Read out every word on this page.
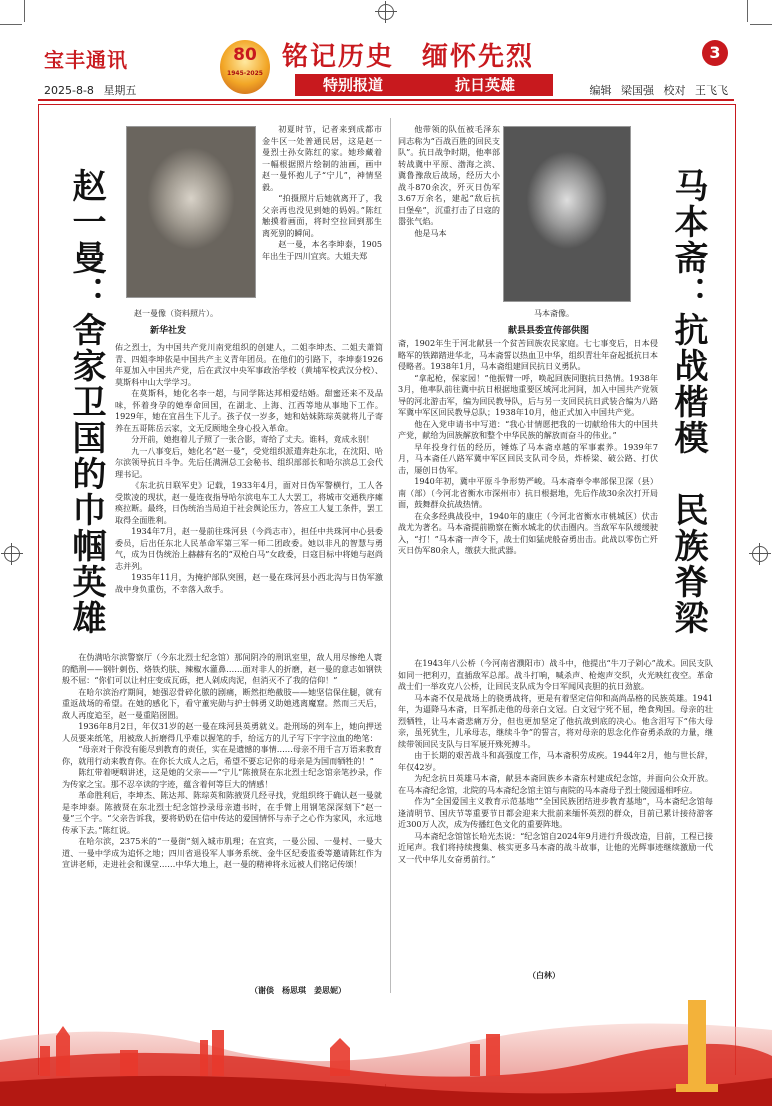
宝丰通讯
2025-8-8 星期五
80
1945-2025
铭记历史　缅怀先烈
特别报道	抗日英雄
3
编辑 梁国强 校对 王飞飞
赵一曼：舍家卫国的巾帼英雄	赵一曼像（资料照片）。
新华社发

初夏时节，记者来到成都市金牛区一处普通民居，这是赵一曼烈士孙女陈红的家。她珍藏着一幅根据照片绘制的油画，画中赵一曼怀抱儿子“宁儿”，神情坚毅。

“拍摄照片后她就离开了，我父亲再也没见到她的妈妈。”陈红触摸着画面，将时空拉回到那生离死别的瞬间。

赵一曼，本名李坤泰，1905年出生于四川宜宾。大姐夫郑

佑之烈士，为中国共产党川南党组织的创建人，二姐李坤杰、二姐夫萧简青、四姐李坤依是中国共产主义青年团员。在他们的引路下，李坤泰1926年夏加入中国共产党，后在武汉中央军事政治学校（黄埔军校武汉分校）、莫斯科中山大学学习。

在莫斯科，她化名李一超，与同学陈达邦相爱结婚。甜蜜还来不及品味，怀着身孕的她奉命回国，在湖北、上海、江西等地从事地下工作。1929年，她在宜昌生下儿子。孩子仅一岁多，她和姑妹陈琮英就将儿子寄养在五哥陈岳云家，文无反顾地全身心投入革命。

分开前，她抱着儿子照了一张合影，寄给了丈夫。谁料，竟成永别！

九一八事变后，她化名“赵一曼”，受党组织派遣奔赴东北，在沈阳、哈尔滨领导抗日斗争。先后任满洲总工会秘书、组织部部长和哈尔滨总工会代理书记。

《东北抗日联军史》记载，1933年4月，面对日伪军警横行，工人各受欺凌的现状，赵一曼连夜指导哈尔滨电车工人大罢工，将城市交通秩序瘫痪拉断。最终，日伪统治当局迫于社会舆论压力，答应工人复工条件，罢工取得全面胜利。

1934年7月，赵一曼前往珠河县（今尚志市），担任中共珠河中心县委委员，后出任东北人民革命军第三军一师二团政委。她以非凡的智慧与勇气，成为日伪统治上赫赫有名的“双枪白马”女政委，日寇目标中将她与赵尚志并列。

1935年11月，为掩护部队突围，赵一曼在珠河县小西北沟与日伪军激战中身负重伤，不幸落入敌手。

在伪满哈尔滨警察厅（今东北烈士纪念馆）那间阴冷的刑讯室里，敌人用尽惨绝人寰的酷刑——钢针刺伤、烙铁灼肤、辣椒水灌鼻……面对非人的折磨，赵一曼的意志如钢铁般不屈：“你们可以让村庄变成瓦砾，把人剁成肉泥，但消灭不了我的信仰！”

在哈尔滨治疗期间，她强忍骨碎化脓的剧痛，断然拒绝截肢——她坚信保住腿，就有重返战场的希望。在她的感化下，看守董宪勋与护士韩勇义助她逃离魔窟。然而三天后，敌人再度追至，赵一曼重陷囹圄。

1936年8月2日，年仅31岁的赵一曼在珠河县英勇就义。赴刑场的列车上，她向押送人员要来纸笔，用被敌人折磨得几乎难以握笔的手，给远方的儿子写下字字泣血的绝笔：

“母亲对于你没有能尽到教育的责任，实在是遗憾的事情……母亲不用千言万语来教育你，就用行动来教育你。在你长大成人之后，希望不要忘记你的母亲是为国而牺牲的！”

陈红带着哽咽讲述，这是她的父亲——“宁儿”陈掖贤在东北烈士纪念馆亲笔抄录，作为传家之宝。那不忍卒读的字迹，蕴含着何等巨大的情感！

革命胜利后，李坤杰、陈达邦、陈琮英和陈掖贤几经寻找，党组织终于确认赵一曼就是李坤泰。陈掖贤在东北烈士纪念馆抄录母亲遗书时，在手臂上用钢笔深深刻下“赵一曼”三个字。“父亲告诉我，要将奶奶在信中传达的爱国情怀与赤子之心作为家风，永远地传承下去。”陈红说。

在哈尔滨，2375米的“一曼街”刻入城市肌理；在宜宾，一曼公园、一曼村、一曼大道、一曼中学成为追怀之地；四川省退役军人事务系统、金牛区纪委监委等邀请陈红作为宣讲老师，走进社会和课堂……中华大地上，赵一曼的精神将永远被人们铭记传颂！

（谢倓　杨思琪　姜思妮）
马本斋：抗战楷模　民族脊梁

他带领的队伍被毛泽东同志称为“百战百胜的回民支队”。抗日战争时期，他率部转战冀中平原、渤海之滨、冀鲁豫敌后战场，经历大小战斗870余次，歼灭日伪军3.67万余名，建起“敌后抗日堡垒”，沉重打击了日寇的嚣张气焰。

他是马本

马本斋像。
献县县委宣传部供图

斋，1902年生于河北献县一个贫苦回族农民家庭。七七事变后，日本侵略军的铁蹄踏进华北，马本斋誓以热血卫中华，组织青壮年奋起抵抗日本侵略者。1938年1月，马本斋组建回民抗日义勇队。

“拿起枪，保家园！”他振臂一呼，唤起回族同胞抗日热情。1938年3月，他率队前往冀中抗日根据地重要区域河北河间，加入中国共产党领导的河北游击军，编为回民教导队，后与另一支回民抗日武装合编为八路军冀中军区回民教导总队；1938年10月，他正式加入中国共产党。

他在入党申请书中写道：“我心甘情愿把我的一切献给伟大的中国共产党，献给为回族解放和整个中华民族的解放而奋斗的伟业。”

早年投身行伍的经历，锤炼了马本斋卓越的军事素养。1939年7月，马本斋任八路军冀中军区回民支队司令员，炸桥梁、破公路、打伏击，屡创日伪军。

1940年初，冀中平原斗争形势严峻。马本斋奉令率部保卫深（县）南（部）（今河北省衡水市深州市）抗日根据地，先后作战30余次打开局面，鼓舞群众抗战热情。

在众多经典战役中，1940年的康庄（今河北省衡水市桃城区）伏击战尤为著名。马本斋提前勘察在衡水城北的伏击圈内。当敌军车队缓缓驶入，“打！”马本斋一声令下，战士们如猛虎般奋勇出击。此战以零伤亡歼灭日伪军80余人，缴获大批武器。

在1943年八公桥（今河南省濮阳市）战斗中，他提出“牛刀子剁心”战术。回民支队如同一把利刃，直插敌军总部。战斗打响，喊杀声、枪炮声交织，火光映红夜空。革命战士们一举攻克八公桥，让回民支队成为令日军闻风丧胆的抗日劲旅。

马本斋不仅是战场上的骁勇战将，更是有着坚定信仰和高尚品格的民族英雄。1941年，为逼降马本斋，日军抓走他的母亲白文冠。白文冠宁死不屈，绝食殉国。母亲的壮烈牺牲，让马本斋悲痛万分，但也更加坚定了他抗战到底的决心。他含泪写下“伟大母亲，虽死犹生，儿承母志，继续斗争”的誓言，将对母亲的思念化作奋勇杀敌的力量，继续带领回民支队与日军展开殊死搏斗。

由于长期的艰苦战斗和高强度工作，马本斋积劳成疾。1944年2月，他与世长辞，年仅42岁。

为纪念抗日英雄马本斋，献县本斋回族乡本斋东村建成纪念馆，并面向公众开放。在马本斋纪念馆，北院的马本斋纪念馆主馆与南院的马本斋母子烈士陵园遥相呼应。

作为“全国爱国主义教育示范基地”“全国民族团结进步教育基地”，马本斋纪念馆每逢清明节、国庆节等重要节日都会迎来大批前来缅怀英烈的群众，目前已累计接待游客近300万人次，成为传播红色文化的重要阵地。

马本斋纪念馆馆长哈光杰说：“纪念馆自2024年9月进行升级改造，目前，工程已接近尾声。我们将持续搜集、核实更多马本斋的战斗故事，让他的光辉事迹继续激励一代又一代中华儿女奋勇前行。”

（白林）
